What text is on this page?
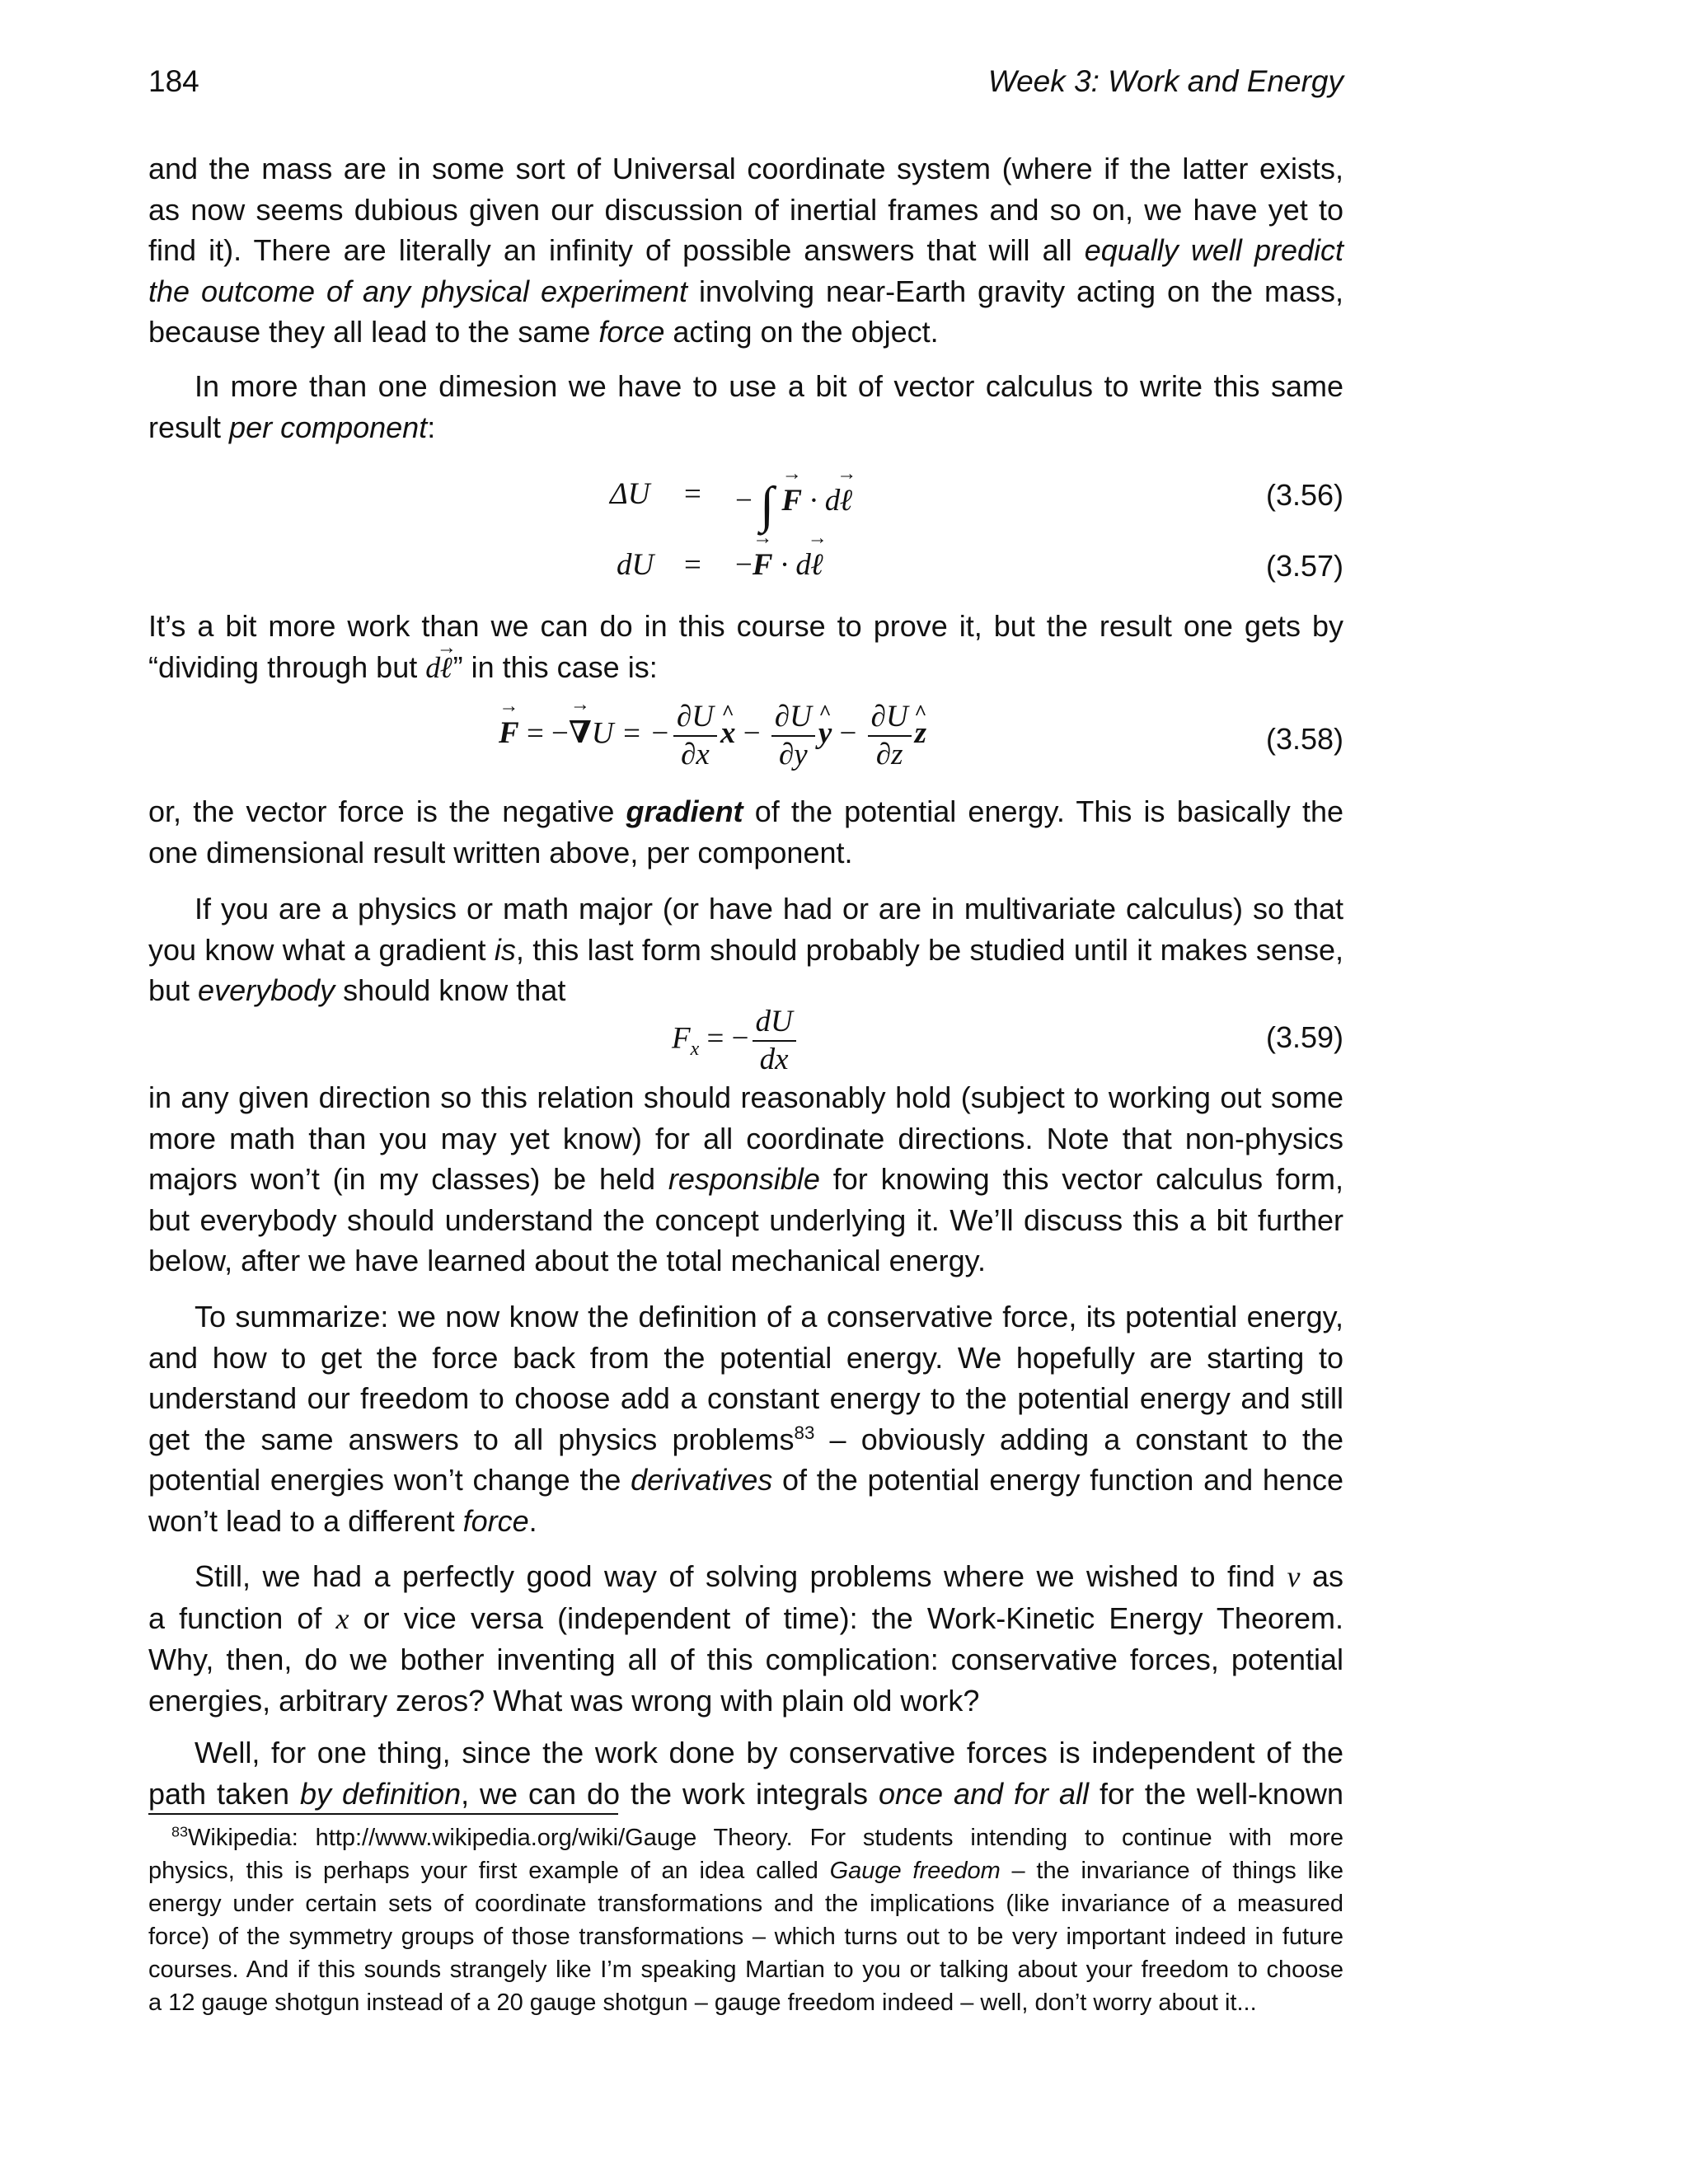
184	Week 3: Work and Energy
and the mass are in some sort of Universal coordinate system (where if the latter exists,
as now seems dubious given our discussion of inertial frames and so on, we have yet to
find it). There are literally an infinity of possible answers that will all equally well predict
the outcome of any physical experiment involving near-Earth gravity acting on the mass,
because they all lead to the same force acting on the object.
In more than one dimesion we have to use a bit of vector calculus to write this same
result per component:
ΔU = − ∫ F → · dℓ →	(3.56)
dU = −F → · dℓ →	(3.57)
It’s a bit more work than we can do in this course to prove it, but the result one gets by
“dividing through but dℓ →” in this case is:
F → = −∇ →U = − $\frac{\partial U}{\partial x}$ x ^ − $\frac{\partial U}{\partial y}$ y ^ − $\frac{\partial U}{\partial z}$ z ^	(3.58)
or, the vector force is the negative gradient of the potential energy. This is basically the
one dimensional result written above, per component.
If you are a physics or math major (or have had or are in multivariate calculus) so that
you know what a gradient is, this last form should probably be studied until it makes sense,
but everybody should know that
$F_x$ = − $\frac{dU}{dx}$	(3.59)
in any given direction so this relation should reasonably hold (subject to working out some
more math than you may yet know) for all coordinate directions. Note that non-physics
majors won’t (in my classes) be held responsible for knowing this vector calculus form,
but everybody should understand the concept underlying it. We’ll discuss this a bit further
below, after we have learned about the total mechanical energy.
To summarize: we now know the definition of a conservative force, its potential energy,
and how to get the force back from the potential energy. We hopefully are starting to
understand our freedom to choose add a constant energy to the potential energy and still
get the same answers to all physics problems$^{83}$ – obviously adding a constant to the
potential energies won’t change the derivatives of the potential energy function and hence
won’t lead to a different force.
Still, we had a perfectly good way of solving problems where we wished to find v as
a function of x or vice versa (independent of time): the Work-Kinetic Energy Theorem.
Why, then, do we bother inventing all of this complication: conservative forces, potential
energies, arbitrary zeros? What was wrong with plain old work?
Well, for one thing, since the work done by conservative forces is independent of the
path taken by definition, we can do the work integrals once and for all for the well-known
$^{83}$Wikipedia: http://www.wikipedia.org/wiki/Gauge Theory. For students intending to continue with more
physics, this is perhaps your first example of an idea called Gauge freedom – the invariance of things like
energy under certain sets of coordinate transformations and the implications (like invariance of a measured
force) of the symmetry groups of those transformations – which turns out to be very important indeed in future
courses. And if this sounds strangely like I’m speaking Martian to you or talking about your freedom to choose
a 12 gauge shotgun instead of a 20 gauge shotgun – gauge freedom indeed – well, don’t worry about it...
